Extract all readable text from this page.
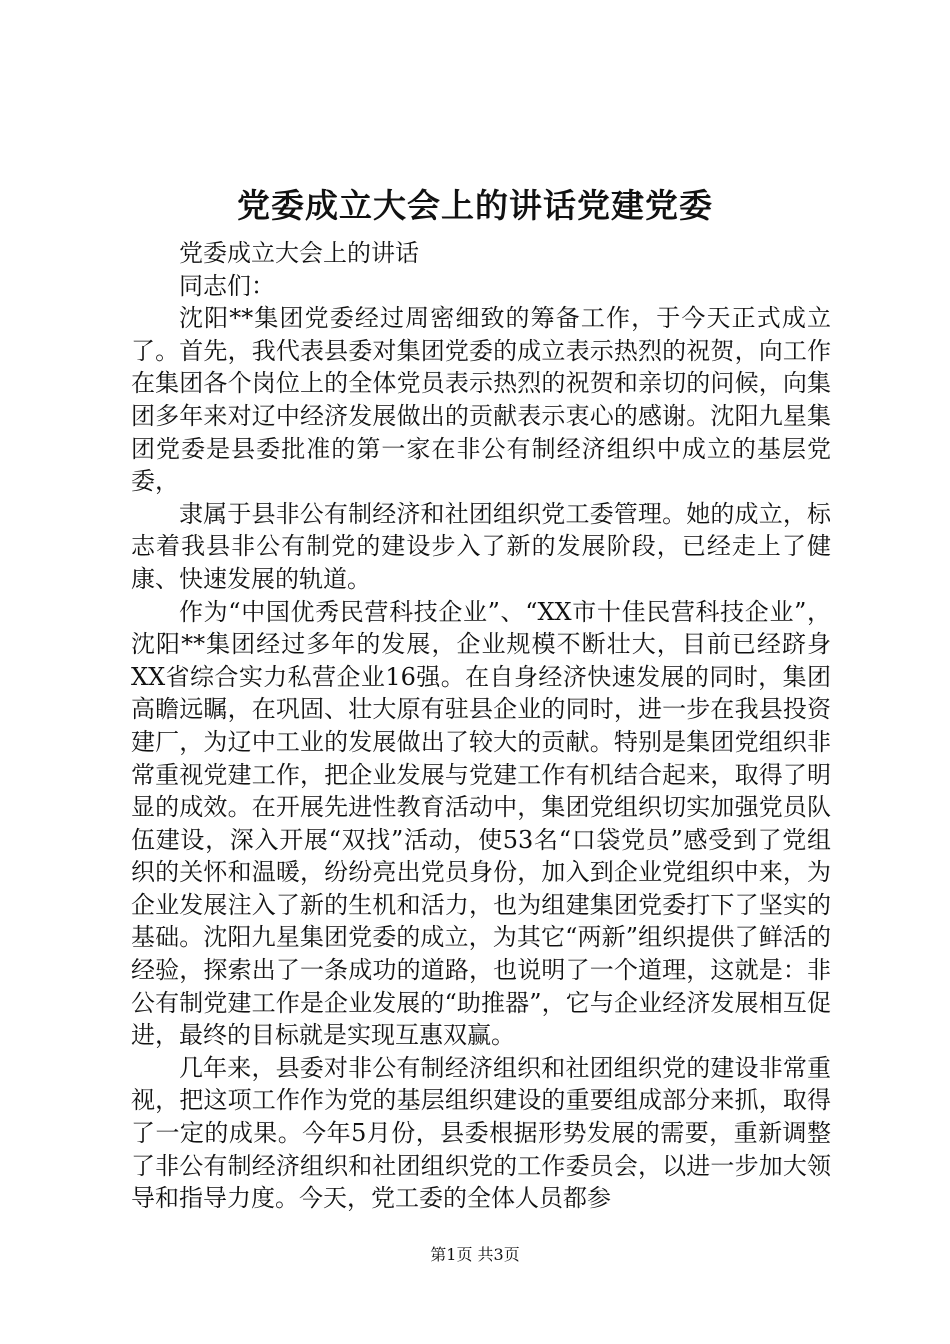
党委成立大会上的讲话党建党委

党委成立大会上的讲话

同志们：

沈阳**集团党委经过周密细致的筹备工作，于今天正式成立了。首先，我代表县委对集团党委的成立表示热烈的祝贺，向工作在集团各个岗位上的全体党员表示热烈的祝贺和亲切的问候，向集团多年来对辽中经济发展做出的贡献表示衷心的感谢。沈阳九星集团党委是县委批准的第一家在非公有制经济组织中成立的基层党委，

隶属于县非公有制经济和社团组织党工委管理。她的成立，标志着我县非公有制党的建设步入了新的发展阶段，已经走上了健康、快速发展的轨道。

作为“中国优秀民营科技企业”、“XX市十佳民营科技企业”，沈阳**集团经过多年的发展，企业规模不断壮大，目前已经跻身XX省综合实力私营企业16强。在自身经济快速发展的同时，集团高瞻远瞩，在巩固、壮大原有驻县企业的同时，进一步在我县投资建厂，为辽中工业的发展做出了较大的贡献。特别是集团党组织非常重视党建工作，把企业发展与党建工作有机结合起来，取得了明显的成效。在开展先进性教育活动中，集团党组织切实加强党员队伍建设，深入开展“双找”活动，使53名“口袋党员”感受到了党组织的关怀和温暖，纷纷亮出党员身份，加入到企业党组织中来，为企业发展注入了新的生机和活力，也为组建集团党委打下了坚实的基础。沈阳九星集团党委的成立，为其它“两新”组织提供了鲜活的经验，探索出了一条成功的道路，也说明了一个道理，这就是：非公有制党建工作是企业发展的“助推器”，它与企业经济发展相互促进，最终的目标就是实现互惠双赢。

几年来，县委对非公有制经济组织和社团组织党的建设非常重视，把这项工作作为党的基层组织建设的重要组成部分来抓，取得了一定的成果。今年5月份，县委根据形势发展的需要，重新调整了非公有制经济组织和社团组织党的工作委员会，以进一步加大领导和指导力度。今天，党工委的全体人员都参

第1页 共3页
